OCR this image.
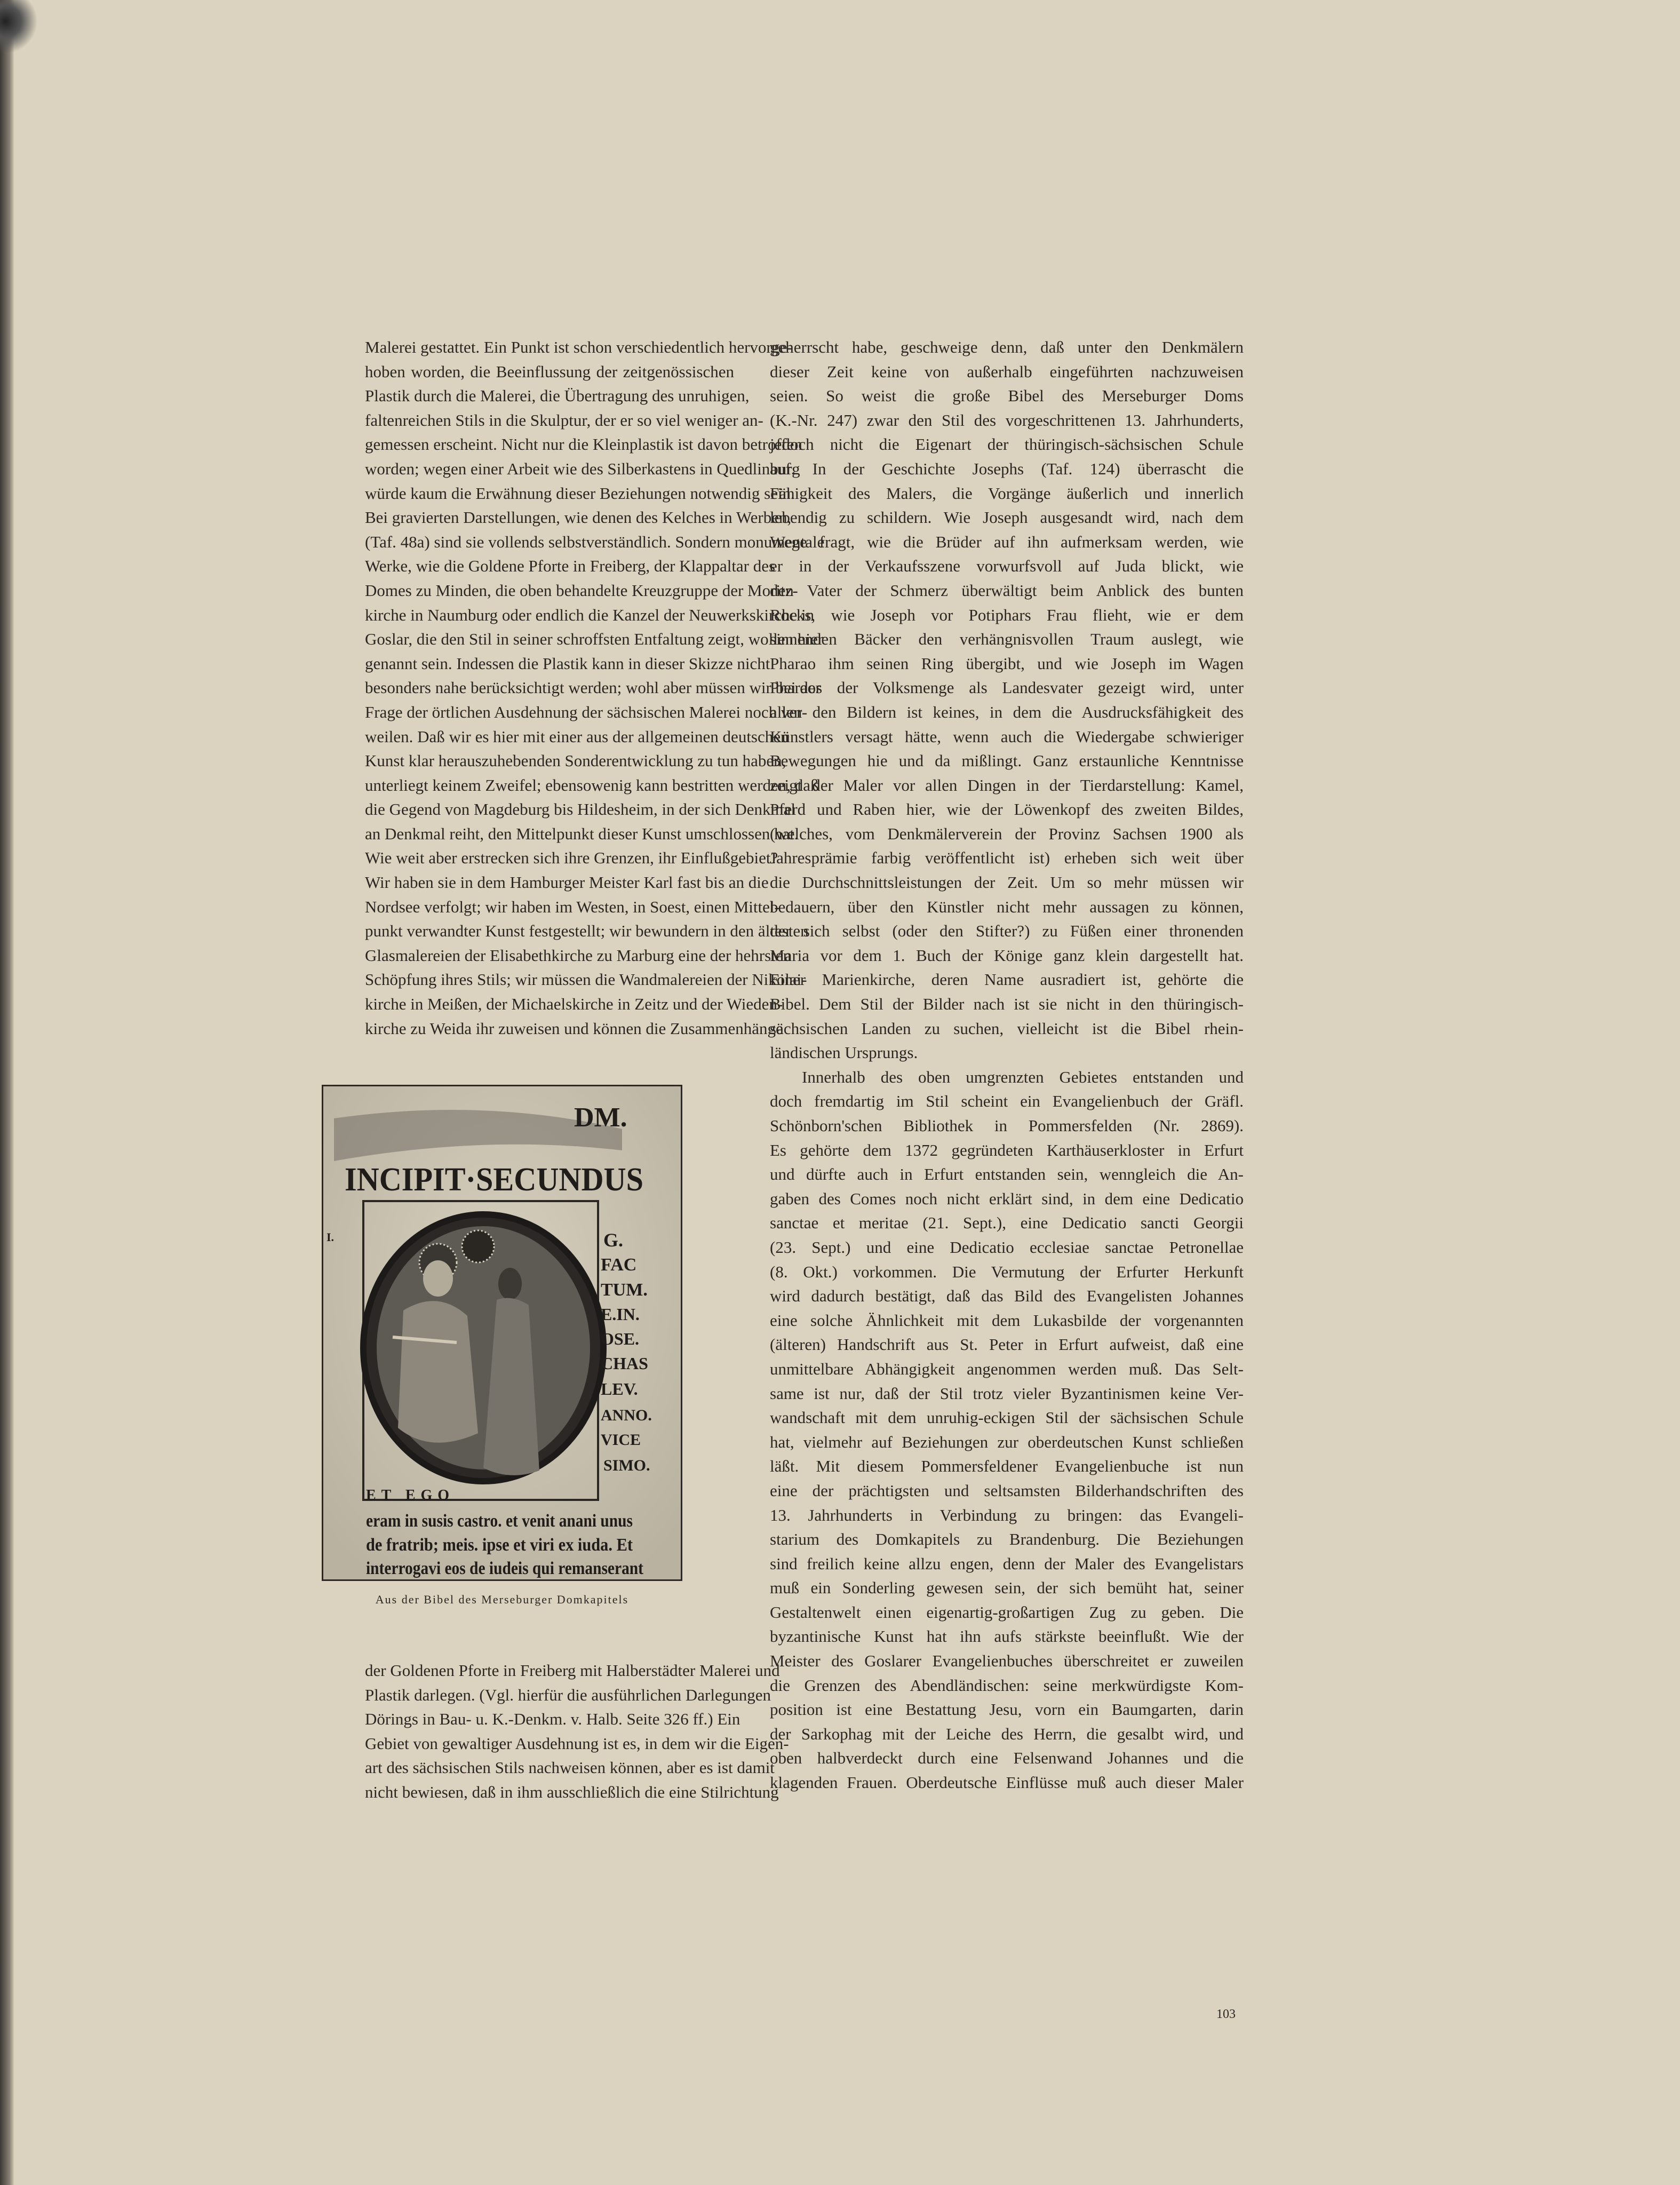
Malerei gestattet. Ein Punkt ist schon verschiedentlich hervorge-
hoben worden, die Beeinflussung der zeitgenössischen
Plastik durch die Malerei, die Übertragung des unruhigen,
faltenreichen Stils in die Skulptur, der er so viel weniger an-
gemessen erscheint. Nicht nur die Kleinplastik ist davon betroffen
worden; wegen einer Arbeit wie des Silberkastens in Quedlinburg
würde kaum die Erwähnung dieser Beziehungen notwendig sein.
Bei gravierten Darstellungen, wie denen des Kelches in Werben,
(Taf. 48a) sind sie vollends selbstverständlich. Sondern monumentale
Werke, wie die Goldene Pforte in Freiberg, der Klappaltar des
Domes zu Minden, die oben behandelte Kreuzgruppe der Moritz-
kirche in Naumburg oder endlich die Kanzel der Neuwerkskirche in
Goslar, die den Stil in seiner schroffsten Entfaltung zeigt, wollen hier
genannt sein. Indessen die Plastik kann in dieser Skizze nicht
besonders nahe berücksichtigt werden; wohl aber müssen wir bei der
Frage der örtlichen Ausdehnung der sächsischen Malerei noch ver-
weilen. Daß wir es hier mit einer aus der allgemeinen deutschen
Kunst klar herauszuhebenden Sonderentwicklung zu tun haben,
unterliegt keinem Zweifel; ebensowenig kann bestritten werden, daß
die Gegend von Magdeburg bis Hildesheim, in der sich Denkmal
an Denkmal reiht, den Mittelpunkt dieser Kunst umschlossen hat.
Wie weit aber erstrecken sich ihre Grenzen, ihr Einflußgebiet?
Wir haben sie in dem Hamburger Meister Karl fast bis an die
Nordsee verfolgt; wir haben im Westen, in Soest, einen Mittel-
punkt verwandter Kunst festgestellt; wir bewundern in den ältesten
Glasmalereien der Elisabethkirche zu Marburg eine der hehrsten
Schöpfung ihres Stils; wir müssen die Wandmalereien der Nikolai-
kirche in Meißen, der Michaelskirche in Zeitz und der Wieden-
kirche zu Weida ihr zuweisen und können die Zusammenhänge
DM.
INCIPIT·SECUNDUS
I.	G.
FAC
TUM.
E.IN.
OSE.
CHAS
LEV.
ANNO.
VICE
SIMO.
ET EGO
eram in susis castro. et venit anani unus
de fratrib; meis. ipse et viri ex iuda. Et
interrogavi eos de iudeis qui remanserant
Aus der Bibel des Merseburger Domkapitels
der Goldenen Pforte in Freiberg mit Halberstädter Malerei und
Plastik darlegen. (Vgl. hierfür die ausführlichen Darlegungen
Dörings in Bau- u. K.-Denkm. v. Halb. Seite 326 ff.) Ein
Gebiet von gewaltiger Ausdehnung ist es, in dem wir die Eigen-
art des sächsischen Stils nachweisen können, aber es ist damit
nicht bewiesen, daß in ihm ausschließlich die eine Stilrichtung
geherrscht habe, geschweige denn, daß unter den Denkmälern
dieser Zeit keine von außerhalb eingeführten nachzuweisen
seien. So weist die große Bibel des Merseburger Doms
(K.-Nr. 247) zwar den Stil des vorgeschrittenen 13. Jahrhunderts,
jedoch nicht die Eigenart der thüringisch-sächsischen Schule
auf. In der Geschichte Josephs (Taf. 124) überrascht die
Fähigkeit des Malers, die Vorgänge äußerlich und innerlich
lebendig zu schildern. Wie Joseph ausgesandt wird, nach dem
Wege fragt, wie die Brüder auf ihn aufmerksam werden, wie
er in der Verkaufsszene vorwurfsvoll auf Juda blickt, wie
den Vater der Schmerz überwältigt beim Anblick des bunten
Rocks, wie Joseph vor Potiphars Frau flieht, wie er dem
sinnenden Bäcker den verhängnisvollen Traum auslegt, wie
Pharao ihm seinen Ring übergibt, und wie Joseph im Wagen
Pharaos der Volksmenge als Landesvater gezeigt wird, unter
allen den Bildern ist keines, in dem die Ausdrucksfähigkeit des
Künstlers versagt hätte, wenn auch die Wiedergabe schwieriger
Bewegungen hie und da mißlingt. Ganz erstaunliche Kenntnisse
zeigt der Maler vor allen Dingen in der Tierdarstellung: Kamel,
Pferd und Raben hier, wie der Löwenkopf des zweiten Bildes,
(welches, vom Denkmälerverein der Provinz Sachsen 1900 als
Jahresprämie farbig veröffentlicht ist) erheben sich weit über
die Durchschnittsleistungen der Zeit. Um so mehr müssen wir
bedauern, über den Künstler nicht mehr aussagen zu können,
der sich selbst (oder den Stifter?) zu Füßen einer thronenden
Maria vor dem 1. Buch der Könige ganz klein dargestellt hat.
Einer Marienkirche, deren Name ausradiert ist, gehörte die
Bibel. Dem Stil der Bilder nach ist sie nicht in den thüringisch-
sächsischen Landen zu suchen, vielleicht ist die Bibel rhein-
ländischen Ursprungs.
Innerhalb des oben umgrenzten Gebietes entstanden und
doch fremdartig im Stil scheint ein Evangelienbuch der Gräfl.
Schönborn'schen Bibliothek in Pommersfelden (Nr. 2869).
Es gehörte dem 1372 gegründeten Karthäuserkloster in Erfurt
und dürfte auch in Erfurt entstanden sein, wenngleich die An-
gaben des Comes noch nicht erklärt sind, in dem eine Dedicatio
sanctae et meritae (21. Sept.), eine Dedicatio sancti Georgii
(23. Sept.) und eine Dedicatio ecclesiae sanctae Petronellae
(8. Okt.) vorkommen. Die Vermutung der Erfurter Herkunft
wird dadurch bestätigt, daß das Bild des Evangelisten Johannes
eine solche Ähnlichkeit mit dem Lukasbilde der vorgenannten
(älteren) Handschrift aus St. Peter in Erfurt aufweist, daß eine
unmittelbare Abhängigkeit angenommen werden muß. Das Selt-
same ist nur, daß der Stil trotz vieler Byzantinismen keine Ver-
wandschaft mit dem unruhig-eckigen Stil der sächsischen Schule
hat, vielmehr auf Beziehungen zur oberdeutschen Kunst schließen
läßt. Mit diesem Pommersfeldener Evangelienbuche ist nun
eine der prächtigsten und seltsamsten Bilderhandschriften des
13. Jahrhunderts in Verbindung zu bringen: das Evangeli-
starium des Domkapitels zu Brandenburg. Die Beziehungen
sind freilich keine allzu engen, denn der Maler des Evangelistars
muß ein Sonderling gewesen sein, der sich bemüht hat, seiner
Gestaltenwelt einen eigenartig-großartigen Zug zu geben. Die
byzantinische Kunst hat ihn aufs stärkste beeinflußt. Wie der
Meister des Goslarer Evangelienbuches überschreitet er zuweilen
die Grenzen des Abendländischen: seine merkwürdigste Kom-
position ist eine Bestattung Jesu, vorn ein Baumgarten, darin
der Sarkophag mit der Leiche des Herrn, die gesalbt wird, und
oben halbverdeckt durch eine Felsenwand Johannes und die
klagenden Frauen. Oberdeutsche Einflüsse muß auch dieser Maler
103
